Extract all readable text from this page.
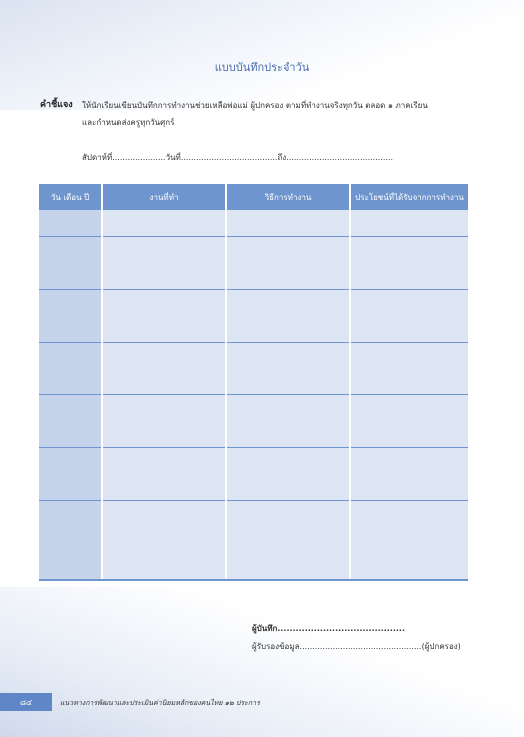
แบบบันทึกประจำวัน
คำชี้แจง ให้นักเรียนเขียนบันทึกการทำงานช่วยเหลือพ่อแม่ ผู้ปกครอง ตามที่ทำงานจริงทุกวัน ตลอด ๑ ภาคเรียน และกำหนดส่งครูทุกวันศุกร์
สัปดาห์ที่.....................วันที่......................................ถึง..........................................
วัน เดือน ปี	งานที่ทำ	วิธีการทำงาน	ประโยชน์ที่ได้รับจากการทำงาน

ผู้บันทึก..........................................
ผู้รับรองข้อมูล................................................(ผู้ปกครอง)
๘๔	แนวทางการพัฒนาและประเมินค่านิยมหลักของคนไทย ๑๒ ประการ
